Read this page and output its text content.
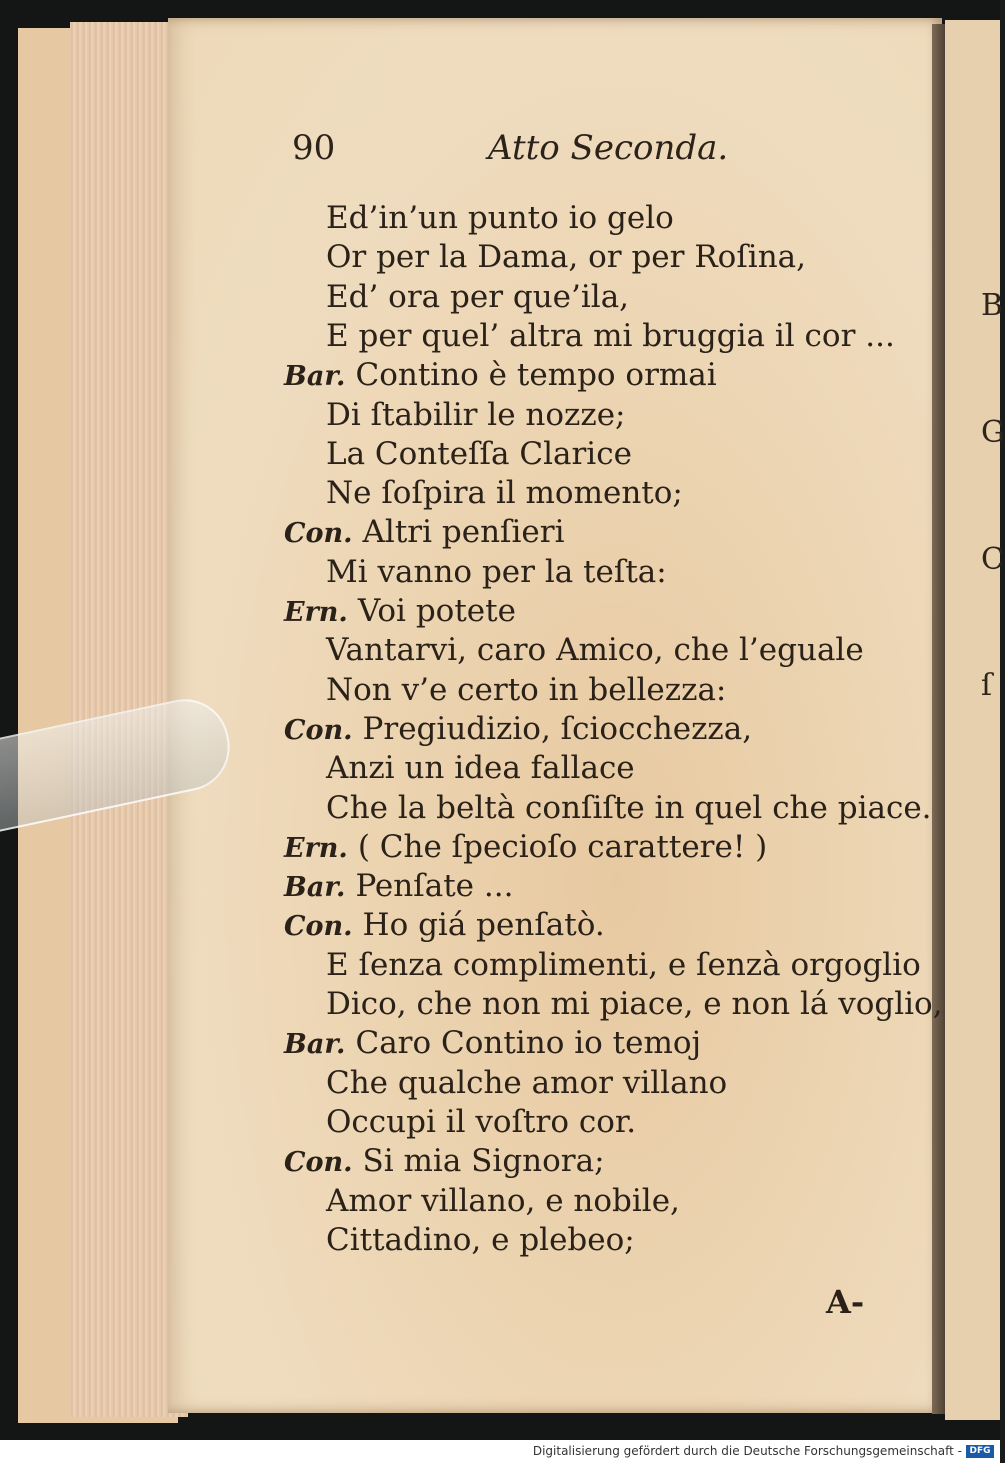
B
G
C
ſ
90	Atto Seconda.
Ed’in’un punto io gelo
Or per la Dama, or per Roſina,
Ed’ ora per que’ila,
E per quel’ altra mi bruggia il cor ...
Bar. Contino è tempo ormai
Di ſtabilir le nozze;
La Conteſſa Clarice
Ne ſoſpira il momento;
Con. Altri penſieri
Mi vanno per la teſta:
Ern. Voi potete
Vantarvi, caro Amico, che l’eguale
Non v’e certo in bellezza:
Con. Pregiudizio, ſciocchezza,
Anzi un idea fallace
Che la beltà conſiſte in quel che piace.
Ern. ( Che ſpecioſo carattere! )
Bar. Penſate ...
Con. Ho giá penſatò.
E ſenza complimenti, e ſenzà orgoglio
Dico, che non mi piace, e non lá voglio,
Bar. Caro Contino io temoj
Che qualche amor villano
Occupi il voſtro cor.
Con. Si mia Signora;
Amor villano, e nobile,
Cittadino, e plebeo;
A-
Digitalisierung gefördert durch die Deutsche Forschungsgemeinschaft - DFG
